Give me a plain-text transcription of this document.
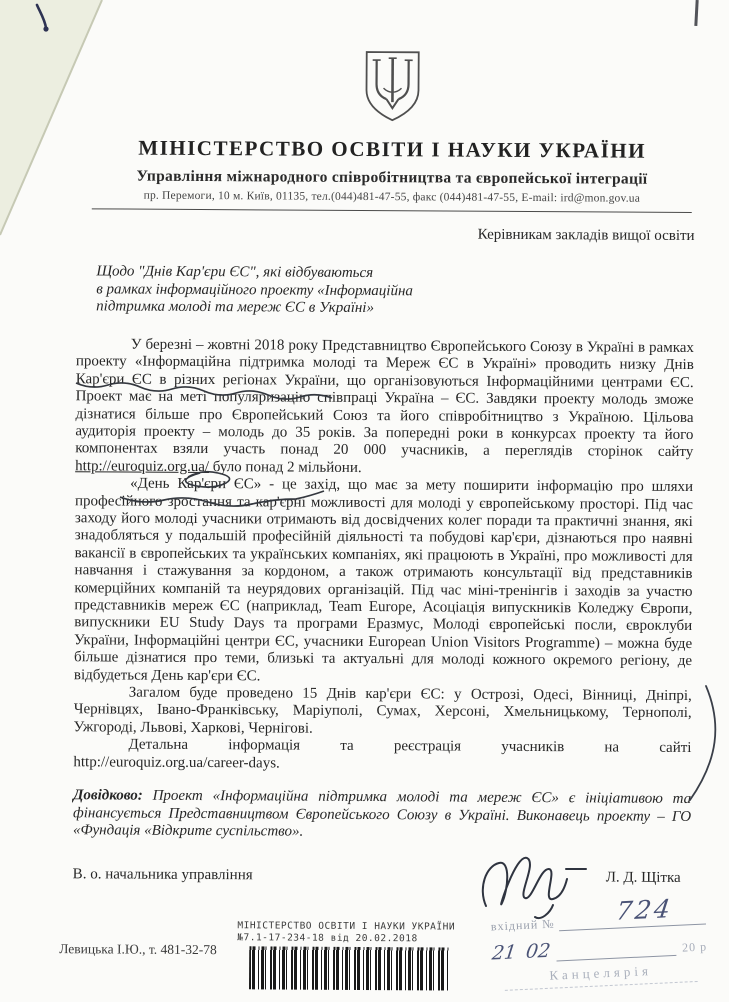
МІНІСТЕРСТВО ОСВІТИ І НАУКИ УКРАЇНИ
Управління міжнародного співробітництва та європейської інтеграції
пр. Перемоги, 10 м. Київ, 01135, тел.(044)481-47-55, факс (044)481-47-55, E-mail: ird@mon.gov.ua
Керівникам закладів вищої освіти
Щодо "Днів Кар'єри ЄС", які відбуваються
в рамках інформаційного проекту «Інформаційна
підтримка молоді та мереж ЄС в Україні»

У березні – жовтні 2018 року Представництво Європейського Союзу в Україні в рамках проекту «Інформаційна підтримка молоді та Мереж ЄС в Україні» проводить низку Днів Кар'єри ЄС в різних регіонах України, що організовуються Інформаційними центрами ЄС. Проект має на меті популяризацію співпраці Україна – ЄС. Завдяки проекту молодь зможе дізнатися більше про Європейський Союз та його співробітництво з Україною. Цільова аудиторія проекту – молодь до 35 років. За попередні роки в конкурсах проекту та його компонентах взяли участь понад 20 000 учасників, а переглядів сторінок сайту http://euroquiz.org.ua/ було понад 2 мільйони.

«День Кар'єри ЄС» - це захід, що має за мету поширити інформацію про шляхи професійного зростання та кар'єрні можливості для молоді у європейському просторі. Під час заходу його молоді учасники отримають від досвідчених колег поради та практичні знання, які знадобляться у подальшій професійній діяльності та побудові кар'єри, дізнаються про наявні вакансії в європейських та українських компаніях, які працюють в Україні, про можливості для навчання і стажування за кордоном, а також отримають консультації від представників комерційних компаній та неурядових організацій. Під час міні-тренінгів і заходів за участю представників мереж ЄС (наприклад, Team Europe, Асоціація випускників Коледжу Європи, випускники EU Study Days та програми Еразмус, Молоді європейські посли, євроклуби України, Інформаційні центри ЄС, учасники European Union Visitors Programme) – можна буде більше дізнатися про теми, близькі та актуальні для молоді кожного окремого регіону, де відбудеться День кар'єри ЄС.

Загалом буде проведено 15 Днів кар'єри ЄС: у Острозі, Одесі, Вінниці, Дніпрі, Чернівцях, Івано-Франківську, Маріуполі, Сумах, Херсоні, Хмельницькому, Тернополі, Ужгороді, Львові, Харкові, Чернігові.

Детальна інформація та реєстрація учасників на сайті
http://euroquiz.org.ua/career-days.

Довідково: Проект «Інформаційна підтримка молоді та мереж ЄС» є ініціативою та фінансується Представництвом Європейського Союзу в Україні. Виконавець проекту – ГО «Фундація «Відкрите суспільство».

В. о. начальника управління	Л. Д. Щітка
МІНІСТЕРСТВО ОСВІТИ І НАУКИ УКРАЇНИ
№7.1-17-234-18 від 20.02.2018
Левицька І.Ю., т. 481-32-78
вхідний № 724
21 02	20 р
Канцелярія
